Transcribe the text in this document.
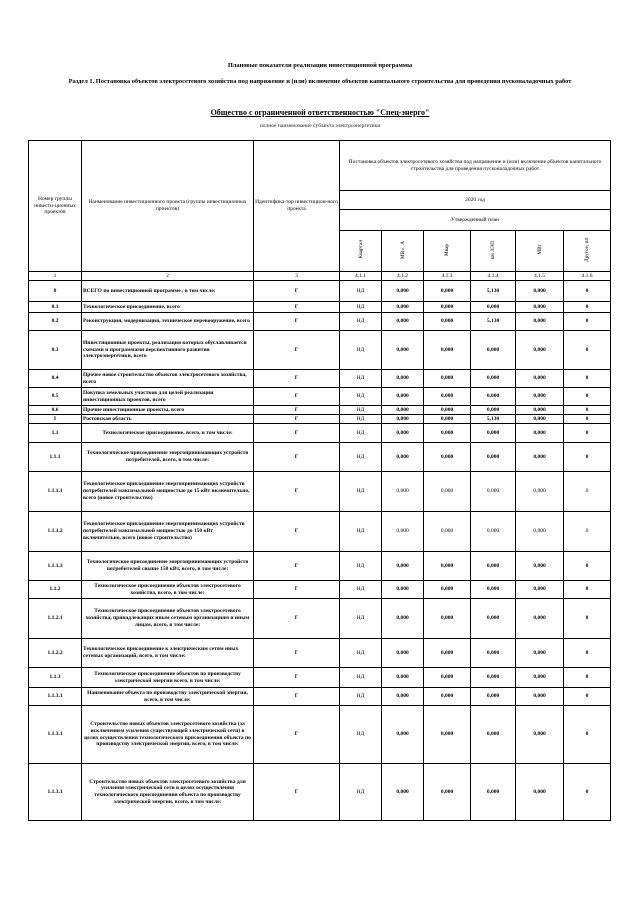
Плановые показатели реализации инвестиционной программы
Раздел 1. Постановка объектов электросетевого хозяйства под напряжение и (или) включение объектов капитального строительства для проведения пусконаладочных работ
Общество с ограниченной ответственностью "Спец-энерго"
полное наименование субъекта электроэнергетики
Номер группы инвести-ционных проектов	Наименование инвестиционного проекта (группы инвестиционных проектов)	Идентифика-тор инвестицион-ного проекта	Постановка объектов электросетевого хозяйства под напряжение и (или) включение объектов капитального строительства для проведения пусконаладочных работ					
			2020 год					
			Утвержденный план					
			Квартал	МВ×А	Мвар	км ЛЭП	МВт	Другое, шт
1	2	3	4.1.1	4.1.2	4.1.3	4.1.4	4.1.5	4.1.6
0	ВСЕГО по инвестиционной программе , в том числе:	Г	НД	0,000	0,000	5,130	0,000	0
0.1	Технологическое присоединение, всего	Г	НД	0,000	0,000	0,000	0,000	0
0.2	Реконструкция, модернизация, техническое перевооружение, всего	Г	НД	0,000	0,000	5,130	0,000	0
0.3	Инвестиционные проекты, реализация которых обуславливается схемами и программами перспективного развития электроэнергетики, всего	Г	НД	0,000	0,000	0,000	0,000	0
0.4	Прочее новое строительство объектов электросетевого хозяйства, всего	Г	НД	0,000	0,000	0,000	0,000	0
0.5	Покупка земельных участков для целей реализации инвестиционных проектов, всего	Г	НД	0,000	0,000	0,000	0,000	0
0.6	Прочие инвестиционные проекты, всего	Г	НД	0,000	0,000	0,000	0,000	0
I	Ростовская область	Г	НД	0,000	0,000	5,130	0,000	0
1.1	Технологическое присоединение, всего, в том числе:	Г	НД	0,000	0,000	0,000	0,000	0
1.1.1	Технологическое присоединение энергопринимающих устройств потребителей, всего, в том числе:	Г	НД	0,000	0,000	0,000	0,000	0
1.1.1.1	Технологическое присоединение энергопринимающих устройств потребителей максимальной мощностью до 15 кВт включительно, всего (новое строительство)	Г	НД	0,000	0,000	0,000	0,000	0
1.1.1.2	Технологическое присоединение энергопринимающих устройств потребителей максимальной мощностью до 150 кВт включительно, всего (новое строительство)	Г	НД	0,000	0,000	0,000	0,000	0
1.1.1.3	Технологическое присоединение энергопринимающих устройств потребителей свыше 150 кВт, всего, в том числе:	Г	НД	0,000	0,000	0,000	0,000	0
1.1.2	Технологическое присоединение объектов электросетевого хозяйства, всего, в том числе:	Г	НД	0,000	0,000	0,000	0,000	0
1.1.2.1	Технологическое присоединение объектов электросетевого хозяйства, принадлежащих иным сетевым организациям и иным лицам, всего, в том числе:	Г	НД	0,000	0,000	0,000	0,000	0
1.1.2.2	Технологическое присоединение к электрическим сетям иных сетевых организаций, всего, в том числе:	Г	НД	0,000	0,000	0,000	0,000	0
1.1.3	Технологическое присоединение объектов по производству электрической энергии всего, в том числе:	Г	НД	0,000	0,000	0,000	0,000	0
1.1.3.1	Наименование объекта по производству электрической энергии, всего, в том числе:	Г	НД	0,000	0,000	0,000	0,000	0
1.1.3.1	Строительство новых объектов электросетевого хозяйства (за исключением усиления существующей электрической сети) в целях осуществления технологического присоединения объекта по производству электрической энергии, всего, в том числе:	Г	НД	0,000	0,000	0,000	0,000	0
1.1.3.1	Строительство новых объектов электросетевого хозяйства для усиления электрической сети в целях осуществления технологического присоединения объекта по производству электрической энергии, всего, в том числе:	Г	НД	0,000	0,000	0,000	0,000	0
